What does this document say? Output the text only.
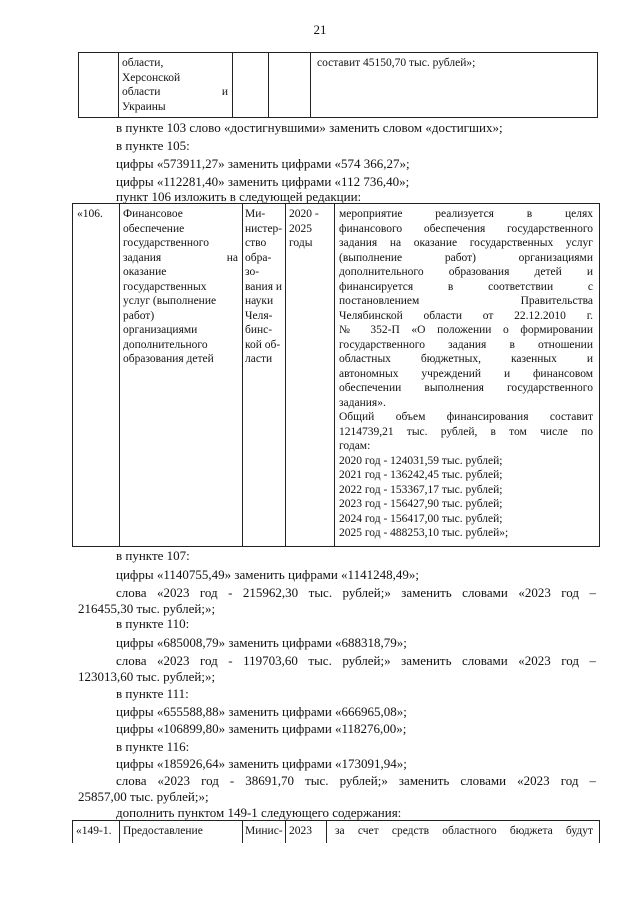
21
области,
Херсонской
области и
Украины
составит 45150,70 тыс. рублей»;
в пункте 103 слово «достигнувшими» заменить словом «достигших»;
в пункте 105:
цифры «573911,27» заменить цифрами «574 366,27»;
цифры «112281,40» заменить цифрами «112 736,40»;
пункт 106 изложить в следующей редакции:
«106.	Финансовое
обеспечение
государственного
задания на
оказание
государственных
услуг (выполнение
работ)
организациями
дополнительного
образования детей
Ми-
нистер-
ство
обра-
зо-
вания и
науки
Челя-
бинс-
кой об-
ласти
2020 -
2025
годы
мероприятие реализуется в целях
финансового обеспечения государственного
задания на оказание государственных услуг
(выполнение работ) организациями
дополнительного образования детей и
финансируется в соответствии с
постановлением Правительства
Челябинской области от 22.12.2010 г.
№ 352-П «О положении о формировании
государственного задания в отношении
областных бюджетных, казенных и
автономных учреждений и финансовом
обеспечении выполнения государственного
задания».
Общий объем финансирования составит
1214739,21 тыс. рублей, в том числе по
годам:
2020 год - 124031,59 тыс. рублей;
2021 год - 136242,45 тыс. рублей;
2022 год - 153367,17 тыс. рублей;
2023 год - 156427,90 тыс. рублей;
2024 год - 156417,00 тыс. рублей;
2025 год - 488253,10 тыс. рублей»;
в пункте 107:
цифры «1140755,49» заменить цифрами «1141248,49»;
слова «2023 год - 215962,30 тыс. рублей;» заменить словами «2023 год –
216455,30 тыс. рублей;»;
в пункте 110:
цифры «685008,79» заменить цифрами «688318,79»;
слова «2023 год - 119703,60 тыс. рублей;» заменить словами «2023 год –
123013,60 тыс. рублей;»;
в пункте 111:
цифры «655588,88» заменить цифрами «666965,08»;
цифры «106899,80» заменить цифрами «118276,00»;
в пункте 116:
цифры «185926,64» заменить цифрами «173091,94»;
слова «2023 год - 38691,70 тыс. рублей;» заменить словами «2023 год –
25857,00 тыс. рублей;»;
дополнить пунктом 149-1 следующего содержания:
«149-1. Предоставление	Минис- 2023 за счет средств областного бюджета будут
